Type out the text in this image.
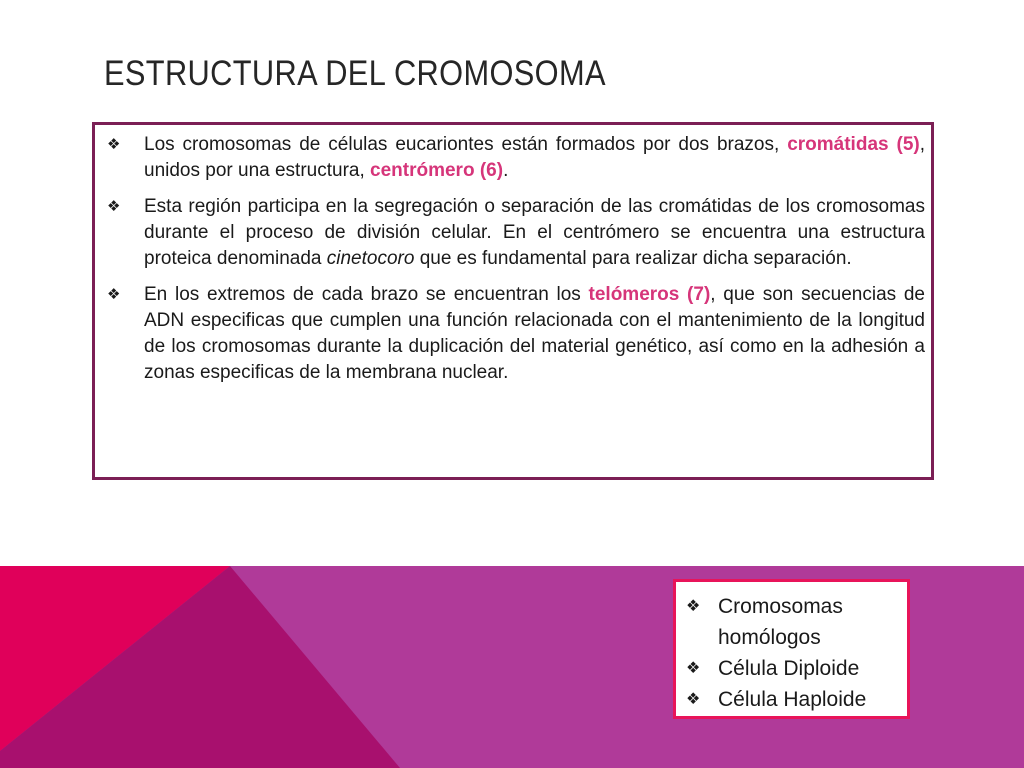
ESTRUCTURA DEL CROMOSOMA
❖ Los cromosomas de células eucariontes están formados por dos brazos, cromátidas (5), unidos por una estructura, centrómero (6).
❖ Esta región participa en la segregación o separación de las cromátidas de los cromosomas durante el proceso de división celular. En el centrómero se encuentra una estructura proteica denominada cinetocoro que es fundamental para realizar dicha separación.
❖ En los extremos de cada brazo se encuentran los telómeros (7), que son secuencias de ADN especificas que cumplen una función relacionada con el mantenimiento de la longitud de los cromosomas durante la duplicación del material genético, así como en la adhesión a zonas especificas de la membrana nuclear.
❖ Cromosomas homólogos
❖ Célula Diploide
❖ Célula Haploide
